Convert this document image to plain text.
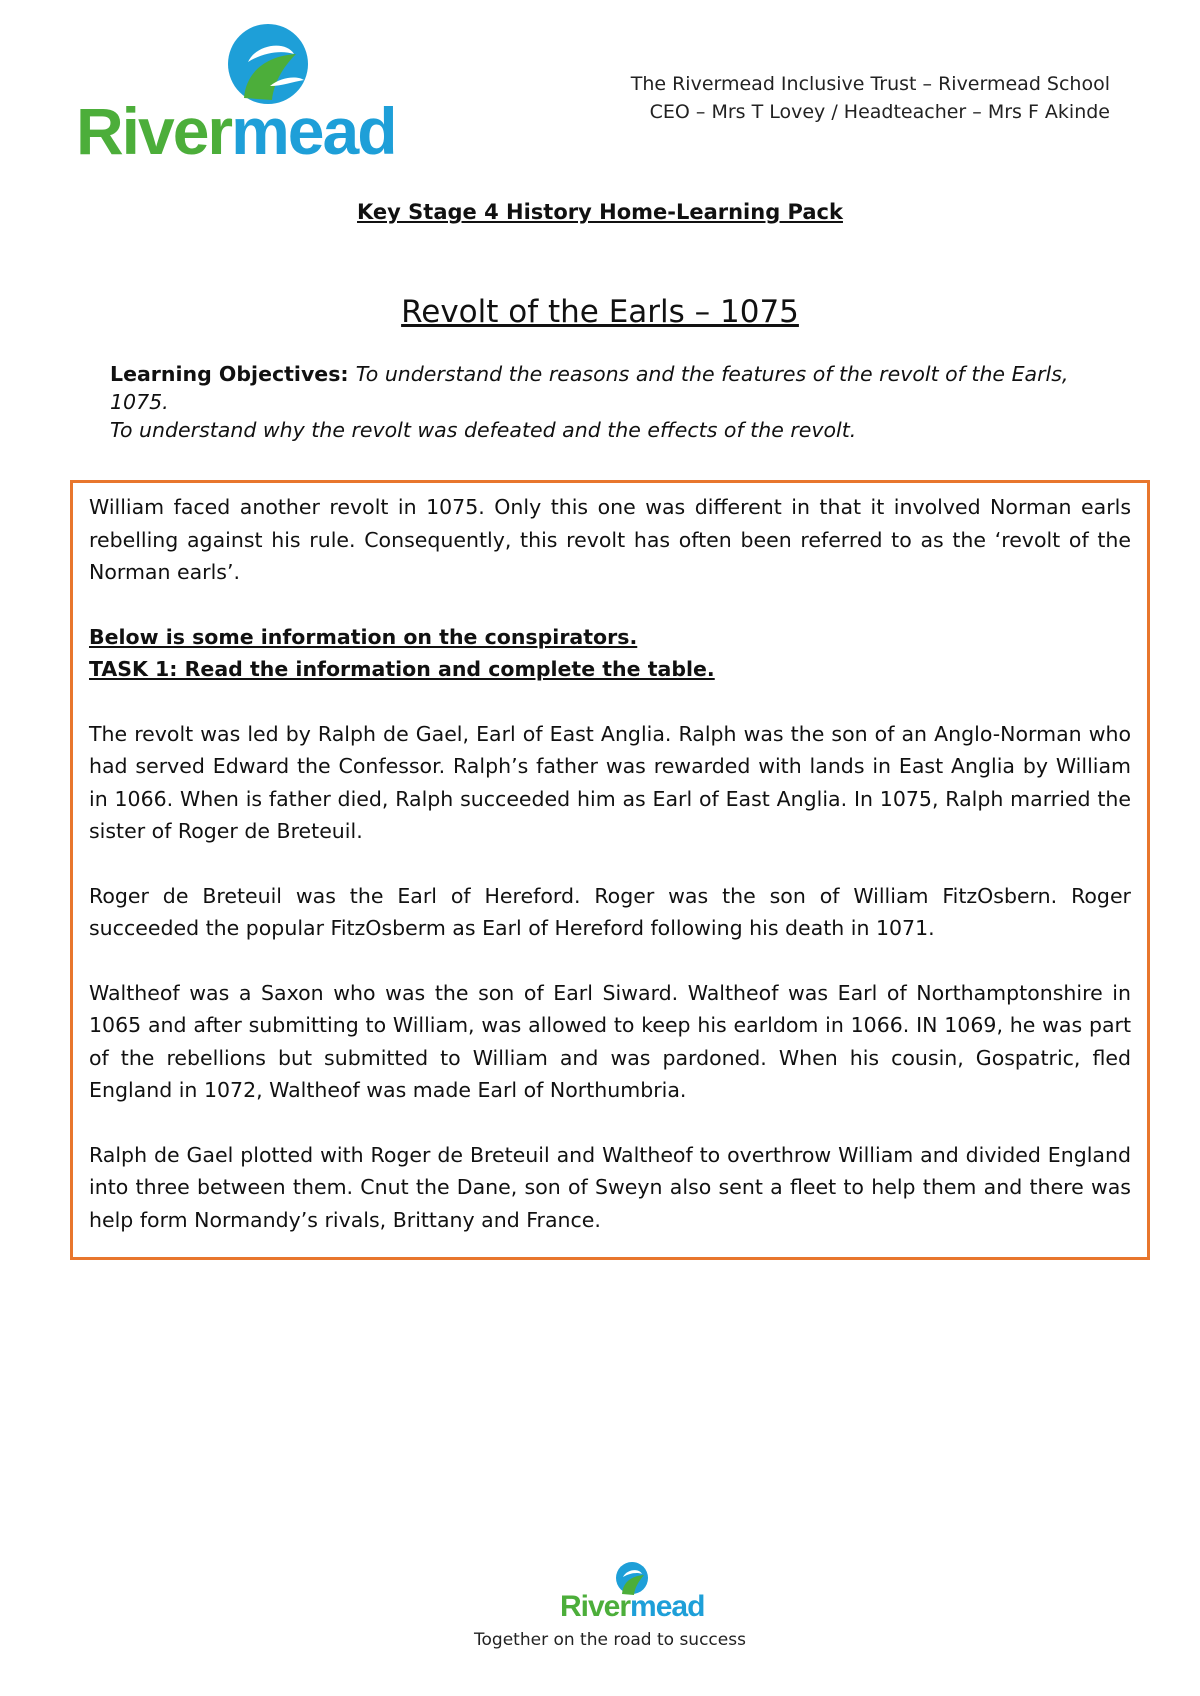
Rivermead
The Rivermead Inclusive Trust – Rivermead School
CEO – Mrs T Lovey / Headteacher – Mrs F Akinde
Key Stage 4 History Home-Learning Pack
Revolt of the Earls – 1075
Learning Objectives: To understand the reasons and the features of the revolt of the Earls, 1075.
To understand why the revolt was defeated and the effects of the revolt.

William faced another revolt in 1075. Only this one was different in that it involved Norman earls rebelling against his rule. Consequently, this revolt has often been referred to as the ‘revolt of the Norman earls’.

Below is some information on the conspirators.

TASK 1: Read the information and complete the table.

The revolt was led by Ralph de Gael, Earl of East Anglia. Ralph was the son of an Anglo-Norman who had served Edward the Confessor. Ralph’s father was rewarded with lands in East Anglia by William in 1066. When is father died, Ralph succeeded him as Earl of East Anglia. In 1075, Ralph married the sister of Roger de Breteuil.

Roger de Breteuil was the Earl of Hereford. Roger was the son of William FitzOsbern. Roger succeeded the popular FitzOsberm as Earl of Hereford following his death in 1071.

Waltheof was a Saxon who was the son of Earl Siward. Waltheof was Earl of Northamptonshire in 1065 and after submitting to William, was allowed to keep his earldom in 1066. IN 1069, he was part of the rebellions but submitted to William and was pardoned. When his cousin, Gospatric, fled England in 1072, Waltheof was made Earl of Northumbria.

Ralph de Gael plotted with Roger de Breteuil and Waltheof to overthrow William and divided England into three between them. Cnut the Dane, son of Sweyn also sent a fleet to help them and there was help form Normandy’s rivals, Brittany and France.

Rivermead
Together on the road to success
